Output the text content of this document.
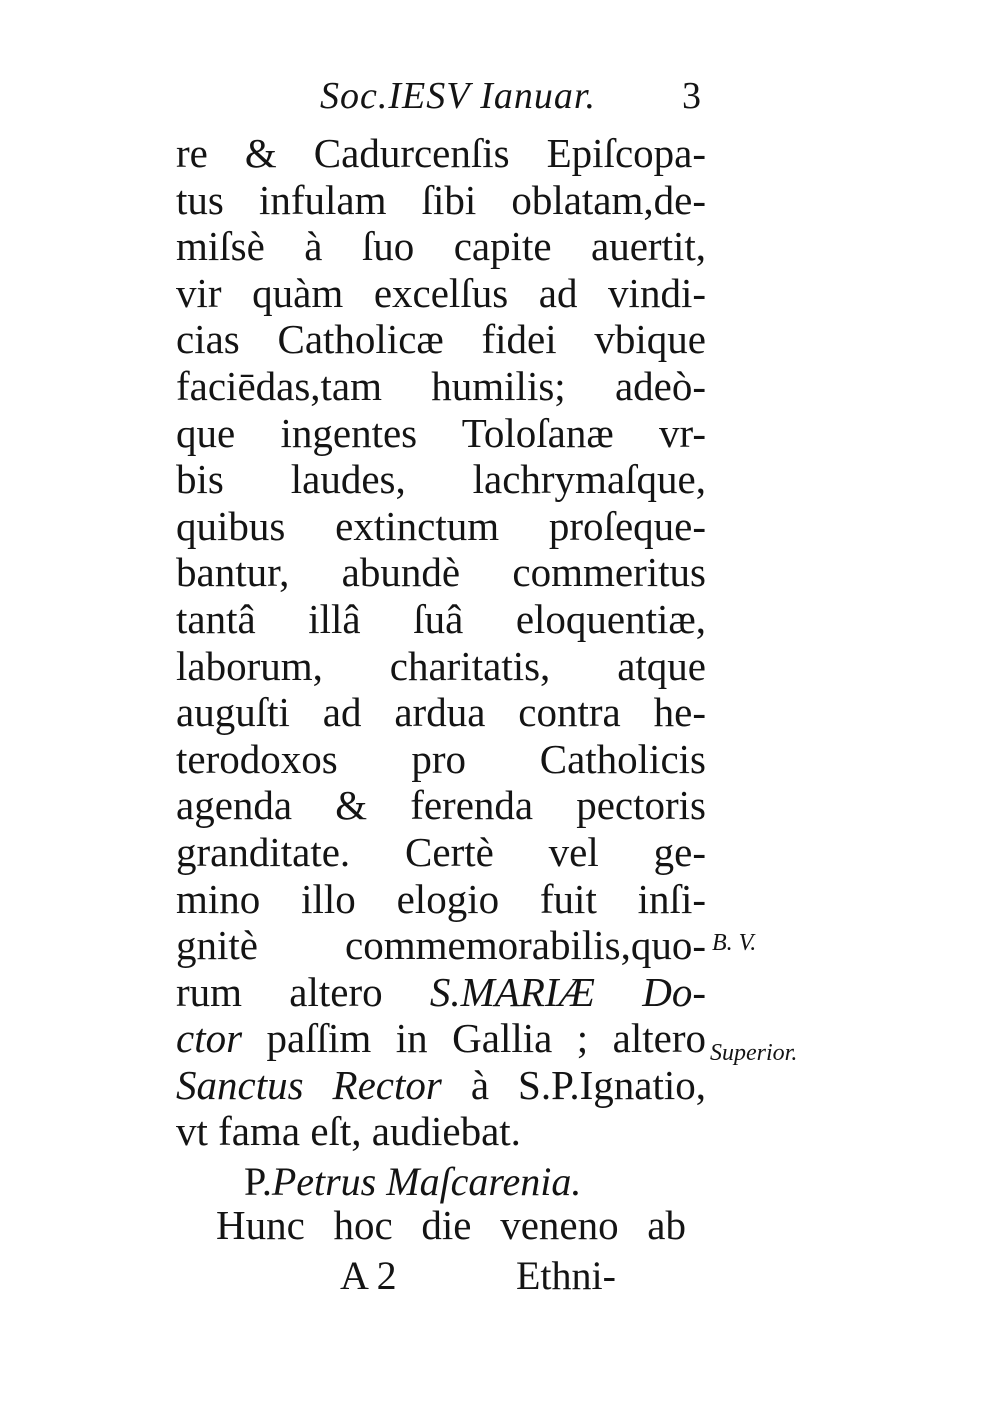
Soc.IESV Ianuar. 3
re & Cadurcenſis Epiſcopa-
tus infulam ſibi oblatam,de-
miſsè à ſuo capite auertit,
vir quàm excelſus ad vindi-
cias Catholicæ fidei vbique
faciēdas,tam humilis; adeò-
que ingentes Toloſanæ vr-
bis laudes, lachrymaſque,
quibus extinctum proſeque-
bantur, abundè commeritus
tantâ illâ ſuâ eloquentiæ,
laborum, charitatis, atque
auguſti ad ardua contra he-
terodoxos pro Catholicis
agenda & ferenda pectoris
granditate. Certè vel ge-
mino illo elogio fuit inſi-
gnitè commemorabilis,quo-
rum altero S.MARIÆ Do-
ctor paſſim in Gallia ; altero
Sanctus Rector à S.P.Ignatio,
vt fama eſt, audiebat.
B. V.
Superior.
P.Petrus Maſcarenia.
Hunc hoc die veneno ab
A 2	Ethni-
